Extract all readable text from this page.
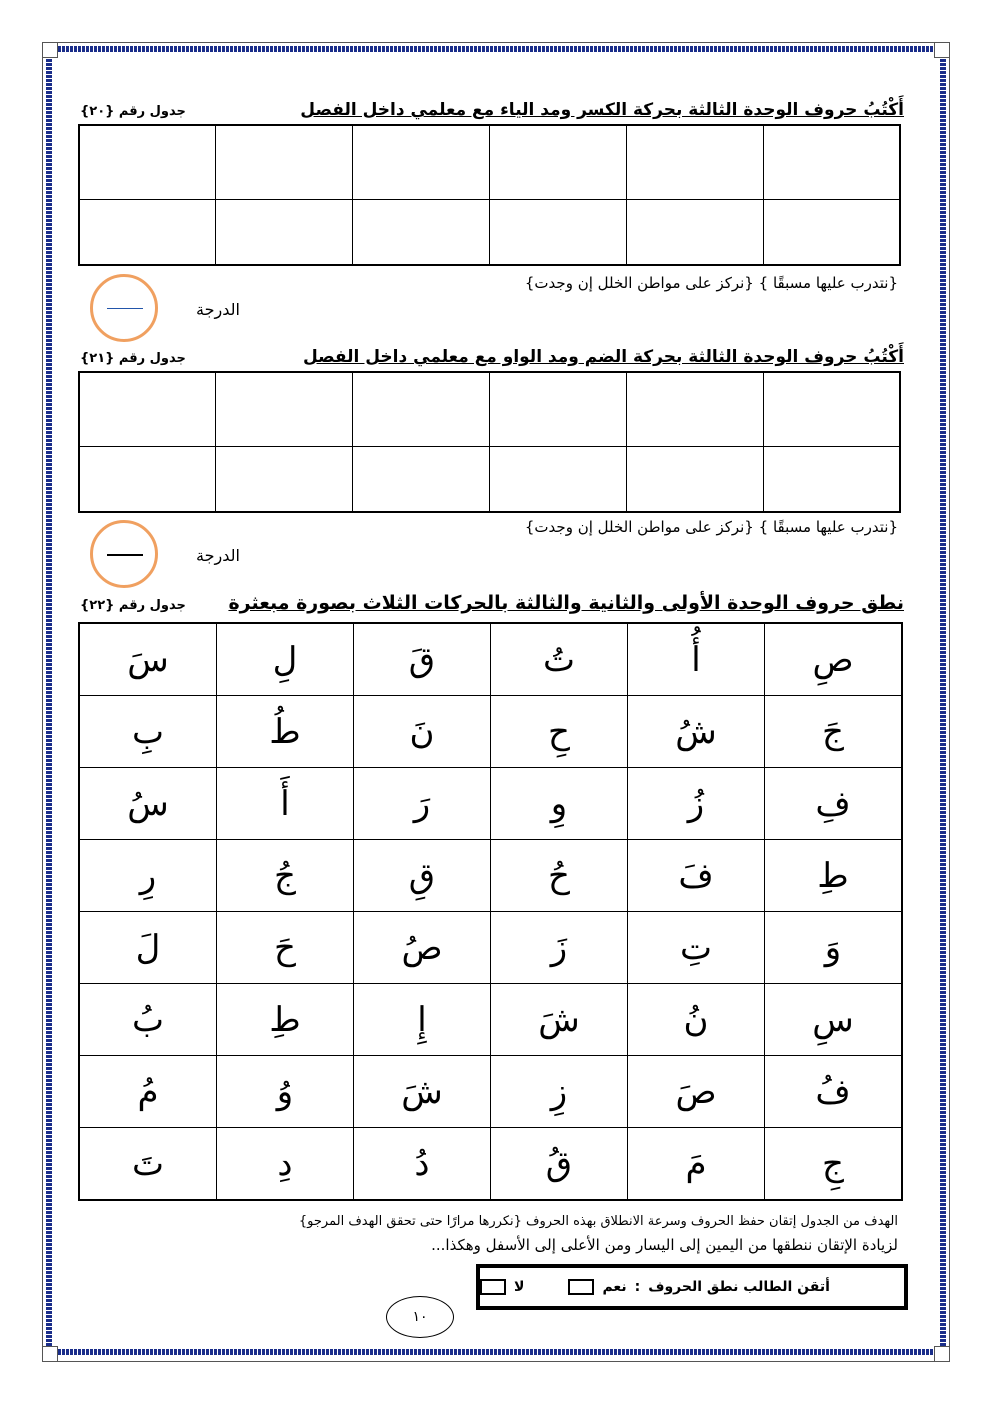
أَكْتُبُ حروف الوحدة الثالثة بحركة الكسر ومد الياء مع معلمي داخل الفصل
جدول رقم {٢٠}

{نتدرب عليها مسبقًا } {نركز على مواطن الخلل إن وجدت}
الدرجة
أَكْتُبُ حروف الوحدة الثالثة بحركة الضم ومد الواو مع معلمي داخل الفصل
جدول رقم {٢١}

{نتدرب عليها مسبقًا } {نركز على مواطن الخلل إن وجدت}
الدرجة
نطق حروف الوحدة الأولى والثانية والثالثة بالحركات الثلاث بصورة مبعثرة
جدول رقم {٢٢}
صِ	أُ	تُ	قَ	لِ	سَ
جَ	شُ	حِ	نَ	طُ	بِ
فِ	زُ	وِ	رَ	أَ	سُ
طِ	فَ	حُ	قِ	جُ	رِ
وَ	تِ	زَ	صُ	حَ	لَ
سِ	نُ	شَ	إِ	طِ	بُ
فُ	صَ	زِ	شَ	وُ	مُ
جِ	مَ	قُ	دُ	دِ	تَ
الهدف من الجدول إتقان حفظ الحروف وسرعة الانطلاق بهذه الحروف {نكررها مرارًا حتى تحقق الهدف المرجو}
لزيادة الإتقان ننطقها من اليمين إلى اليسار ومن الأعلى إلى الأسفل وهكذا...
أتقن الطالب نطق الحروف
:
نعم
لا
١٠
